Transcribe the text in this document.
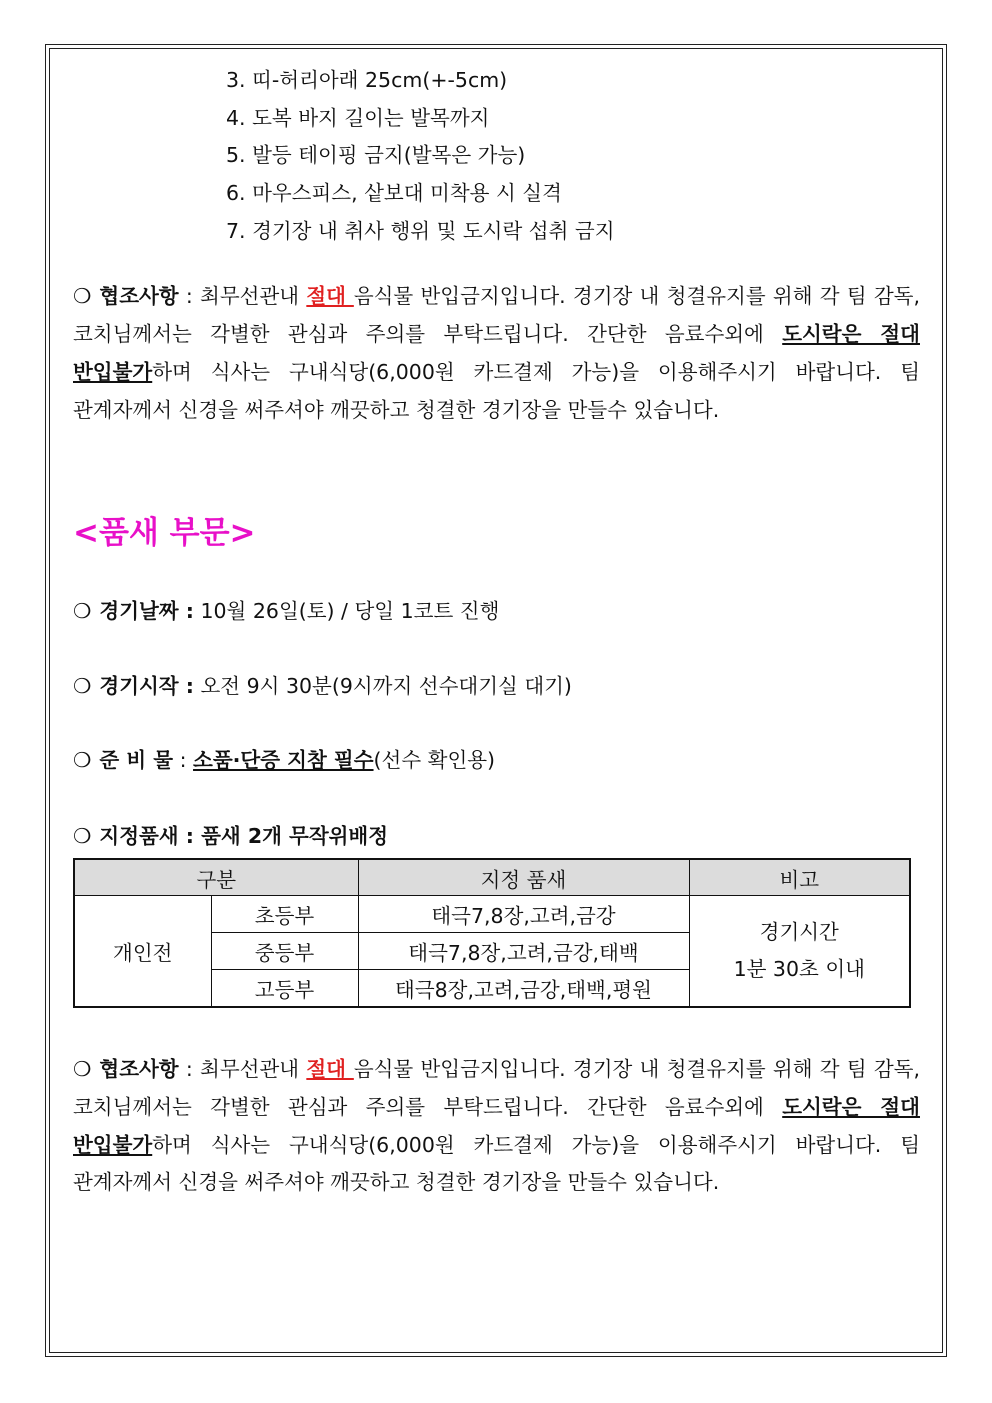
3. 띠-허리아래 25cm(+-5cm)
4. 도복 바지 길이는 발목까지
5. 발등 테이핑 금지(발목은 가능)
6. 마우스피스, 샅보대 미착용 시 실격
7. 경기장 내 취사 행위 및 도시락 섭취 금지

❍ 협조사항 : 최무선관내 절대 음식물 반입금지입니다. 경기장 내 청결유지를 위해 각 팀 감독, 코치님께서는 각별한 관심과 주의를 부탁드립니다. 간단한 음료수외에 도시락은 절대 반입불가하며 식사는 구내식당(6,000원 카드결제 가능)을 이용해주시기 바랍니다. 팀 관계자께서 신경을 써주셔야 깨끗하고 청결한 경기장을 만들수 있습니다.

<품새 부문>

❍ 경기날짜 : 10월 26일(토) / 당일 1코트 진행

❍ 경기시작 : 오전 9시 30분(9시까지 선수대기실 대기)

❍ 준 비 물 : 소품·단증 지참 필수(선수 확인용)

❍ 지정품새 : 품새 2개 무작위배정

구분		지정 품새	비고
개인전	초등부	태극7,8장,고려,금강	경기시간
1분 30초 이내
	중등부	태극7,8장,고려,금강,태백	
	고등부	태극8장,고려,금강,태백,평원	

❍ 협조사항 : 최무선관내 절대 음식물 반입금지입니다. 경기장 내 청결유지를 위해 각 팀 감독, 코치님께서는 각별한 관심과 주의를 부탁드립니다. 간단한 음료수외에 도시락은 절대 반입불가하며 식사는 구내식당(6,000원 카드결제 가능)을 이용해주시기 바랍니다. 팀 관계자께서 신경을 써주셔야 깨끗하고 청결한 경기장을 만들수 있습니다.
